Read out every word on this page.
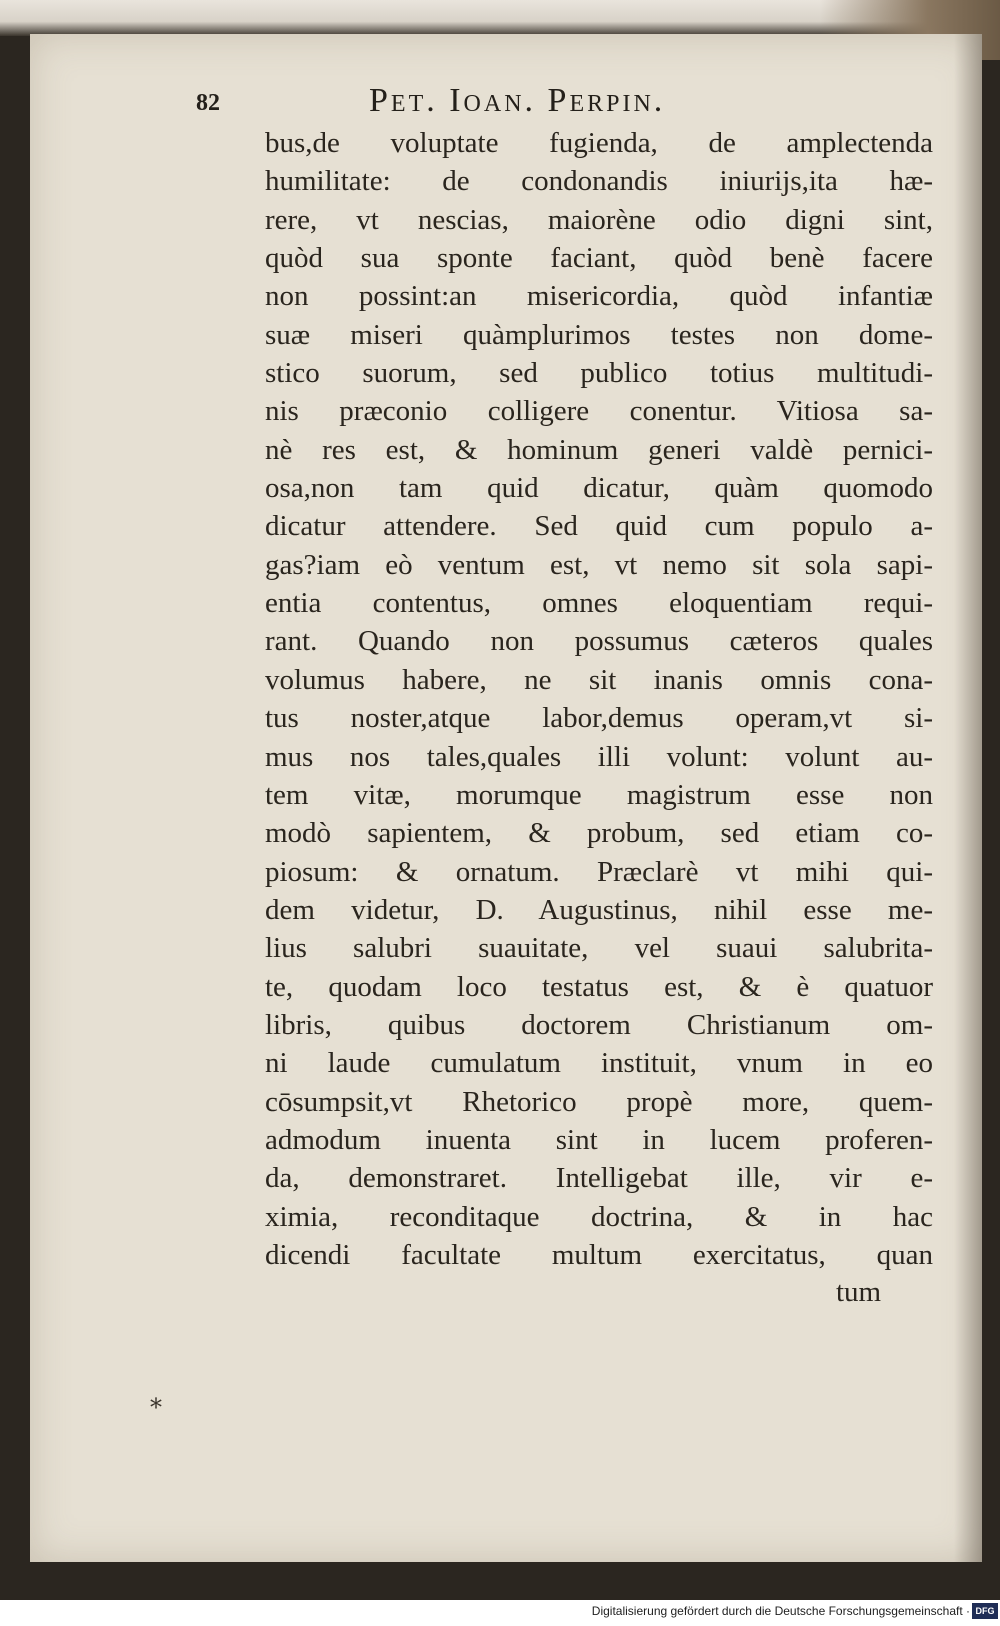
82	Pet. Ioan. Perpin.
bus,de voluptate fugienda, de amplectenda
humilitate: de condonandis iniurijs,ita hæ-
rere, vt nescias, maiorène odio digni sint,
quòd sua sponte faciant, quòd benè facere
non possint:an misericordia, quòd infantiæ
suæ miseri quàmplurimos testes non dome-
stico suorum, sed publico totius multitudi-
nis præconio colligere conentur. Vitiosa sa-
nè res est, & hominum generi valdè pernici-
osa,non tam quid dicatur, quàm quomodo
dicatur attendere. Sed quid cum populo a-
gas?iam eò ventum est, vt nemo sit sola sapi-
entia contentus, omnes eloquentiam requi-
rant. Quando non possumus cæteros quales
volumus habere, ne sit inanis omnis cona-
tus noster,atque labor,demus operam,vt si-
mus nos tales,quales illi volunt: volunt au-
tem vitæ, morumque magistrum esse non
modò sapientem, & probum, sed etiam co-
piosum: & ornatum. Præclarè vt mihi qui-
dem videtur, D. Augustinus, nihil esse me-
lius salubri suauitate, vel suaui salubrita-
te, quodam loco testatus est, & è quatuor
libris, quibus doctorem Christianum om-
ni laude cumulatum instituit, vnum in eo
cōsumpsit,vt Rhetorico propè more, quem-
admodum inuenta sint in lucem proferen-
da, demonstraret. Intelligebat ille, vir e-
ximia, reconditaque doctrina, & in hac
dicendi facultate multum exercitatus, quan
tum
⁎
Digitalisierung gefördert durch die Deutsche Forschungsgemeinschaft · DFG
